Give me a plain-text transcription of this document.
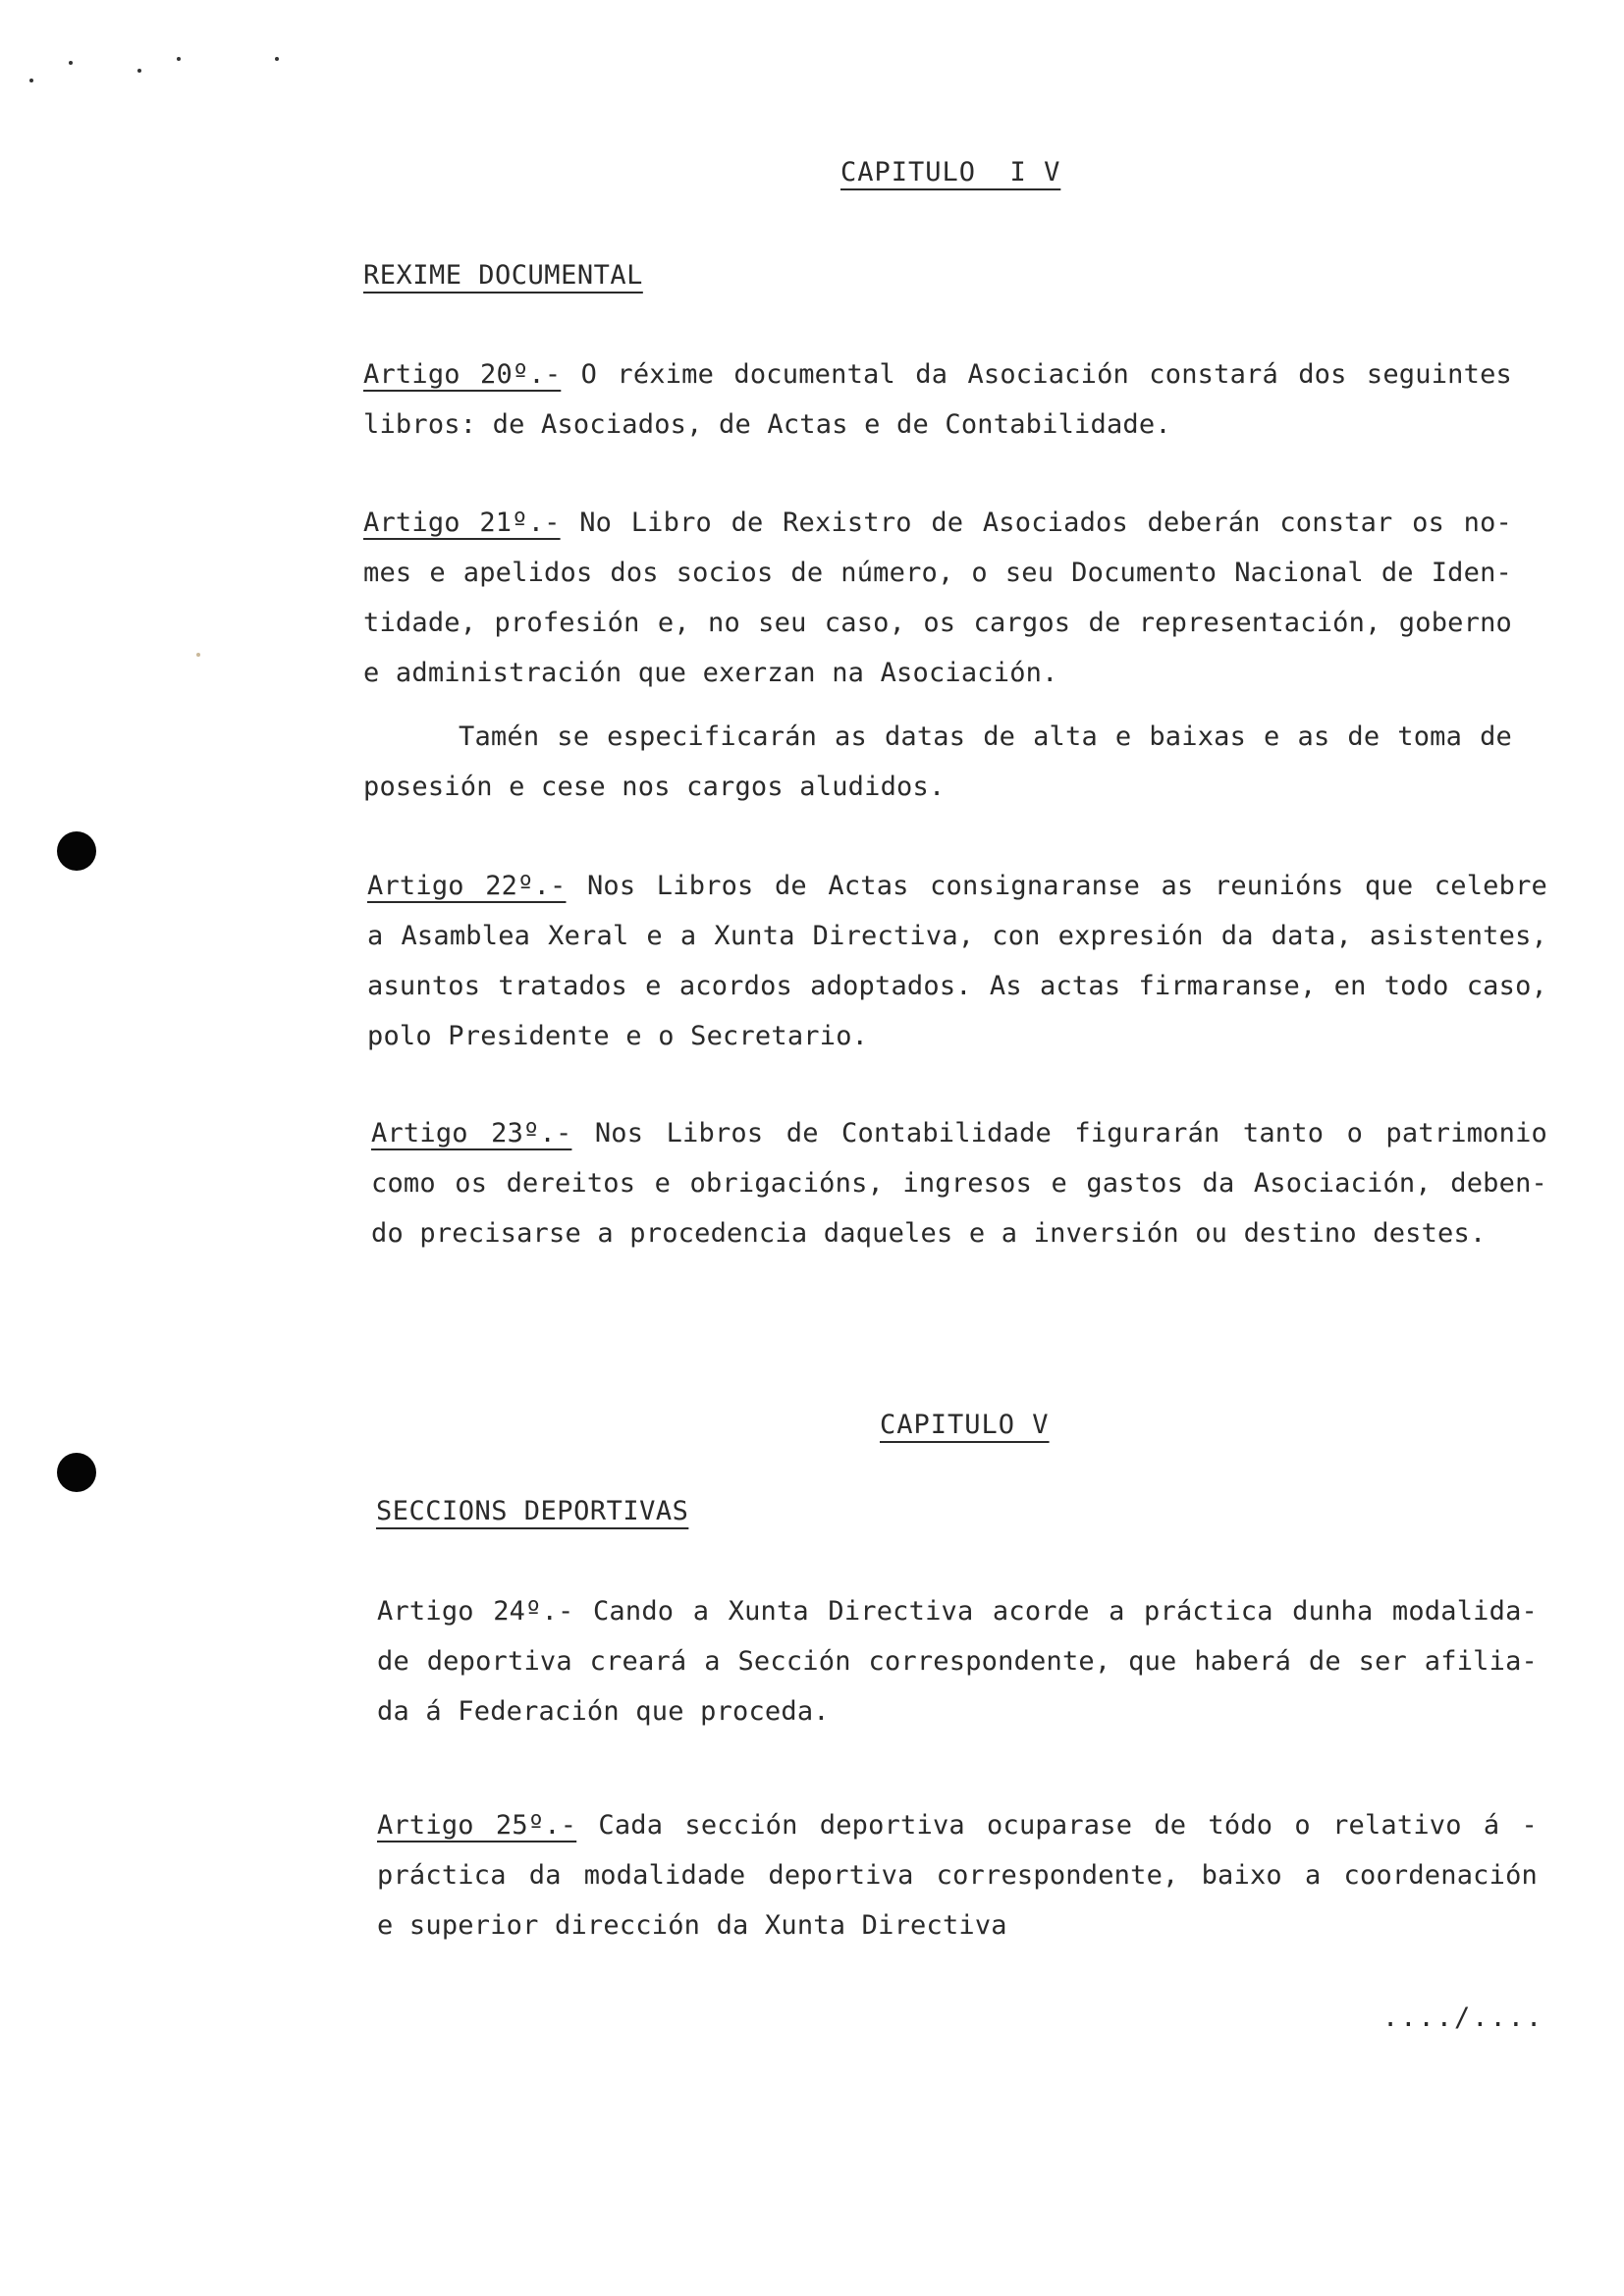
CAPITULO  I V
REXIME DOCUMENTAL
Artigo 20º.- O réxime documental da Asociación constará dos seguintes
libros: de Asociados, de Actas e de Contabilidade.
Artigo 21º.- No Libro de Rexistro de Asociados deberán constar os no-
mes e apelidos dos socios de número, o seu Documento Nacional de Iden-
tidade, profesión e, no seu caso, os cargos de representación, goberno
e administración que exerzan na Asociación.
Tamén se especificarán as datas de alta e baixas e as de toma de
posesión e cese nos cargos aludidos.
Artigo 22º.- Nos Libros de Actas consignaranse as reunións que celebre
a Asamblea Xeral e a Xunta Directiva, con expresión da data, asistentes,
asuntos tratados e acordos adoptados. As actas firmaranse, en todo caso,
polo Presidente e o Secretario.
Artigo 23º.- Nos Libros de Contabilidade figurarán tanto o patrimonio
como os dereitos e obrigacións, ingresos e gastos da Asociación, deben-
do precisarse a procedencia daqueles e a inversión ou destino destes.
CAPITULO V
SECCIONS DEPORTIVAS
Artigo 24º.- Cando a Xunta Directiva acorde a práctica dunha modalida-
de deportiva creará a Sección correspondente, que haberá de ser afilia-
da á Federación que proceda.
Artigo 25º.- Cada sección deportiva ocuparase de tódo o relativo á -
práctica da modalidade deportiva correspondente, baixo a coordenación
e superior dirección da Xunta Directiva
..../....
